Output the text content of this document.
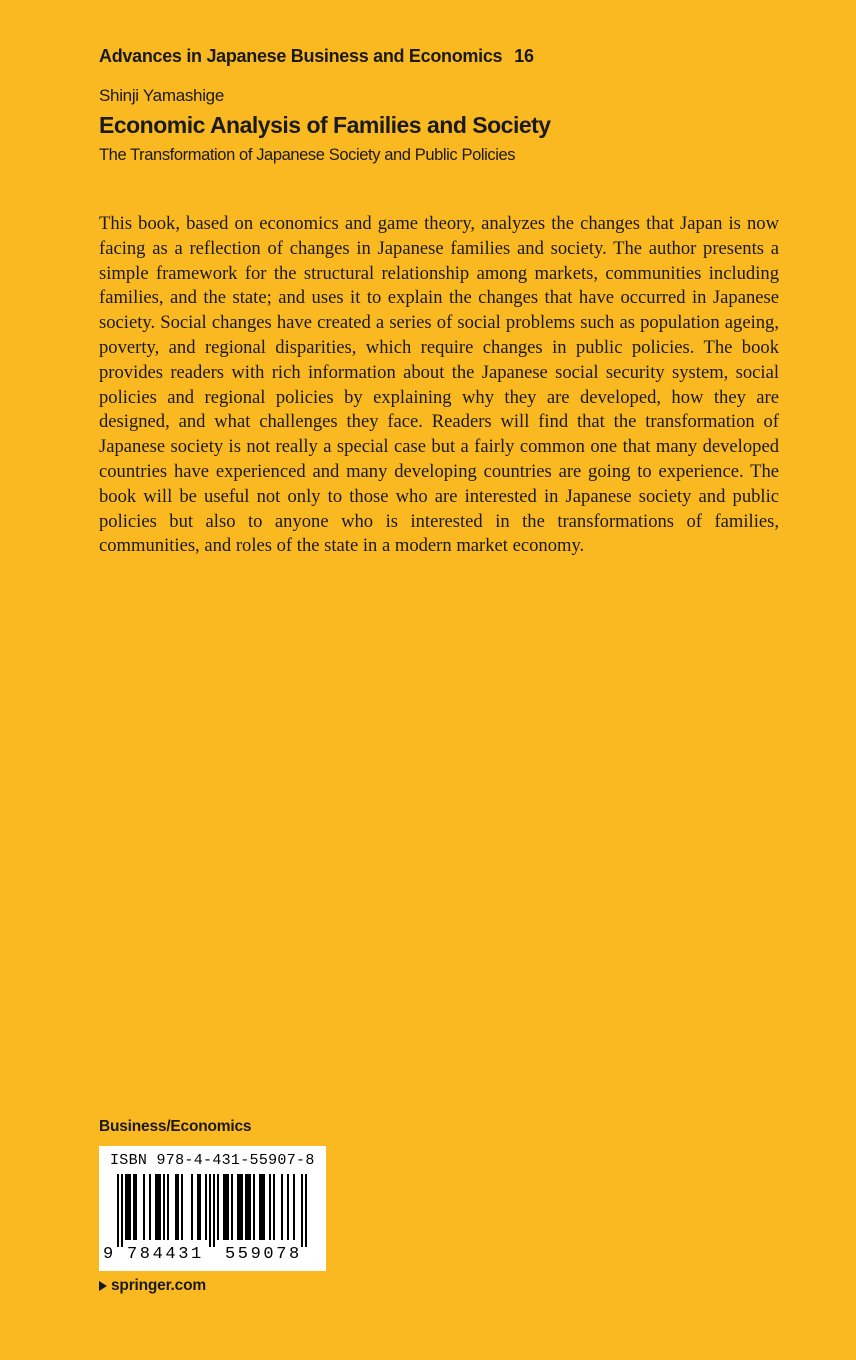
Advances in Japanese Business and Economics 16
Shinji Yamashige
Economic Analysis of Families and Society
The Transformation of Japanese Society and Public Policies

This book, based on economics and game theory, analyzes the changes that Japan is now facing as a reflection of changes in Japanese families and society. The author presents a simple framework for the structural relationship among markets, communities including families, and the state; and uses it to explain the changes that have occurred in Japanese society. Social changes have created a series of social problems such as population ageing, poverty, and regional disparities, which require changes in public policies. The book provides readers with rich information about the Japanese social security system, social policies and regional policies by explaining why they are developed, how they are designed, and what challenges they face. Readers will find that the transformation of Japanese society is not really a special case but a fairly common one that many developed countries have experienced and many developing countries are going to experience. The book will be useful not only to those who are interested in Japanese society and public policies but also to anyone who is interested in the transformations of families, communities, and roles of the state in a modern market economy.

Business/Economics
ISBN 978-4-431-55907-8
9 784431 559078
springer.com
